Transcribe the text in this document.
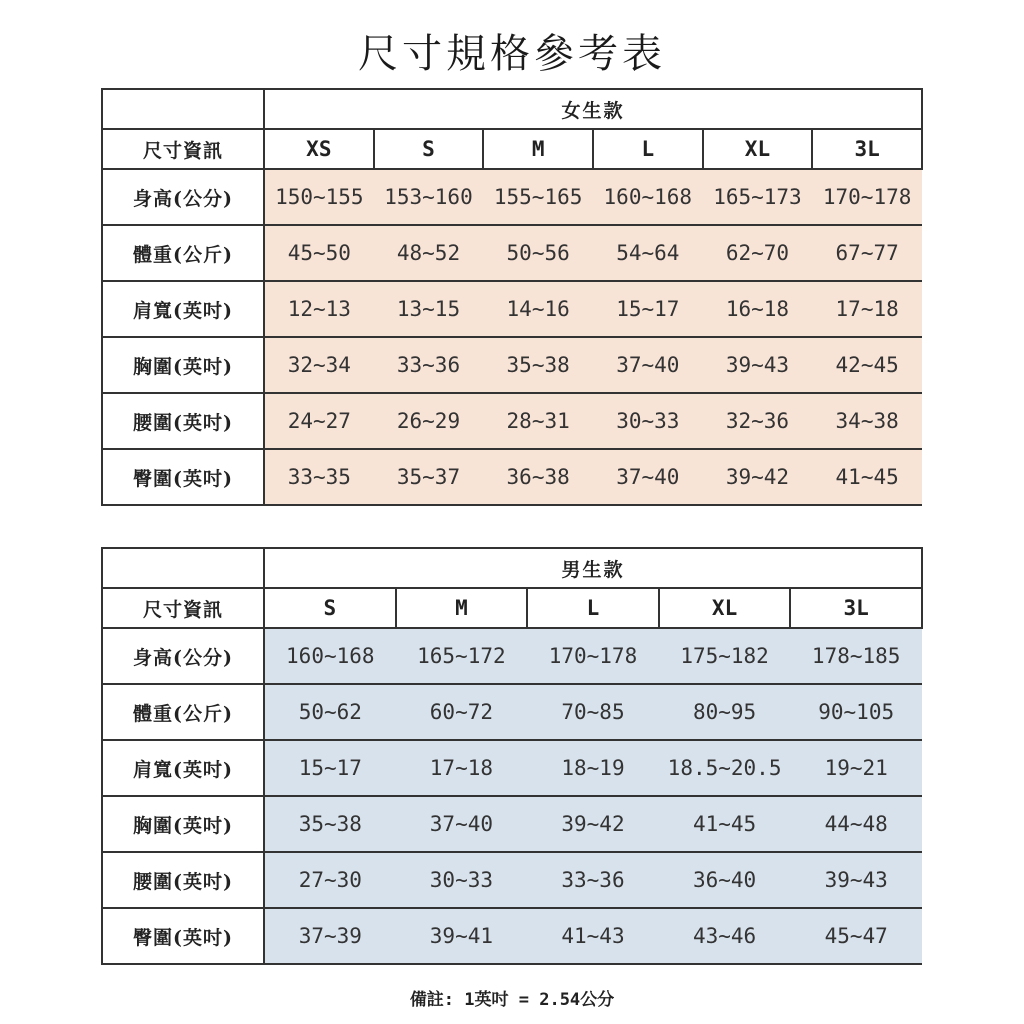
尺寸規格參考表
	女生款					
尺寸資訊	XS	S	M	L	XL	3L
身高(公分)	150~155	153~160	155~165	160~168	165~173	170~178
體重(公斤)	45~50	48~52	50~56	54~64	62~70	67~77
肩寬(英吋)	12~13	13~15	14~16	15~17	16~18	17~18
胸圍(英吋)	32~34	33~36	35~38	37~40	39~43	42~45
腰圍(英吋)	24~27	26~29	28~31	30~33	32~36	34~38
臀圍(英吋)	33~35	35~37	36~38	37~40	39~42	41~45
	男生款				
尺寸資訊	S	M	L	XL	3L
身高(公分)	160~168	165~172	170~178	175~182	178~185
體重(公斤)	50~62	60~72	70~85	80~95	90~105
肩寬(英吋)	15~17	17~18	18~19	18.5~20.5	19~21
胸圍(英吋)	35~38	37~40	39~42	41~45	44~48
腰圍(英吋)	27~30	30~33	33~36	36~40	39~43
臀圍(英吋)	37~39	39~41	41~43	43~46	45~47
備註: 1英吋 = 2.54公分
